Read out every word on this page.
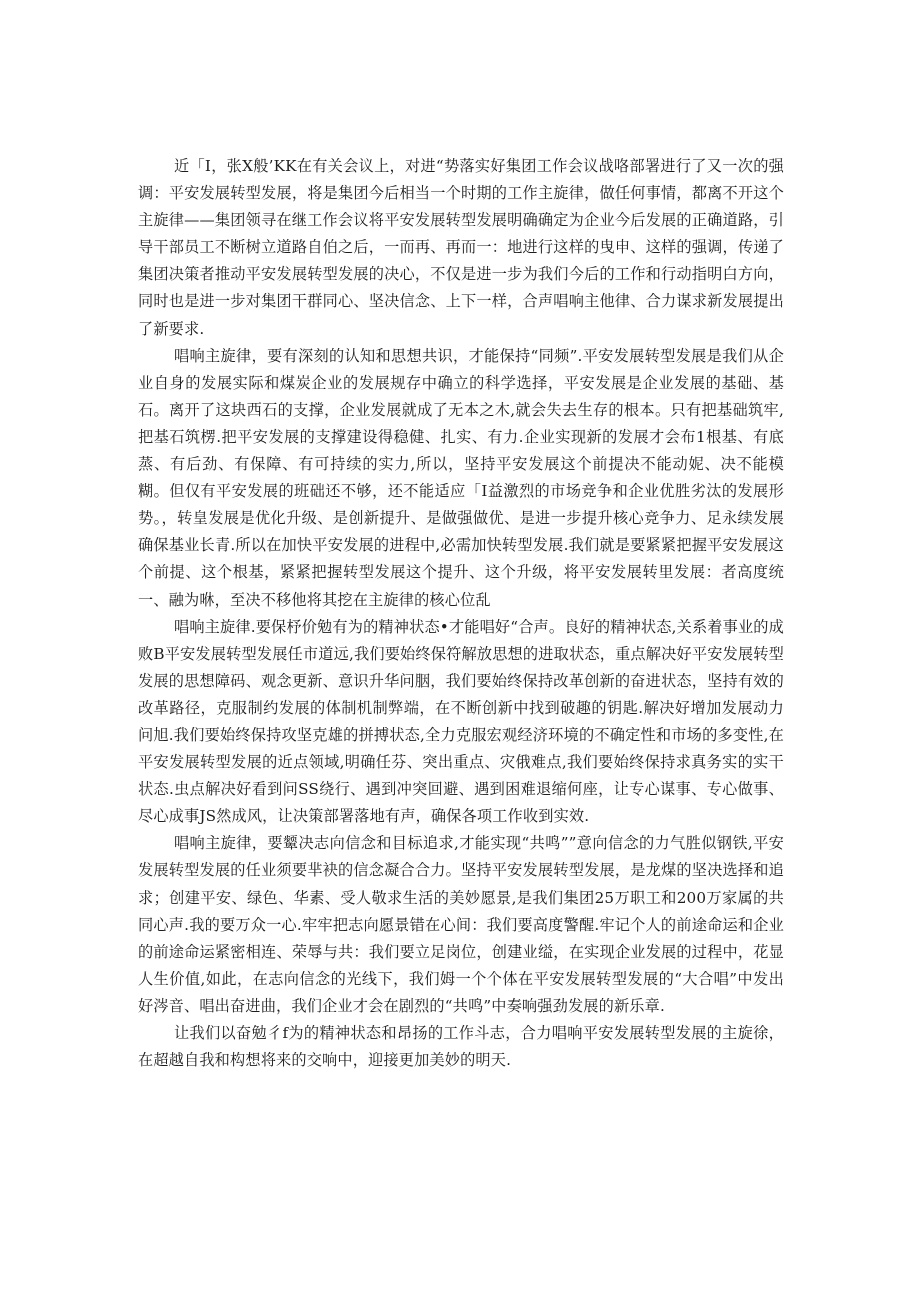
近「I，张X般’KK在有关会议上，对进“势落实好集团工作会议战咯部署进行了又一次的强调：平安发展转型发展，将是集团今后相当一个时期的工作主旋律，做任何事情，都离不开这个主旋律——集团领寻在继工作会议将平安发展转型发展明确确定为企业今后发展的正确道路，引导干部员工不断树立道路自伯之后，一而再、再而一：地进行这样的曳申、这样的强调，传递了集团决策者推动平安发展转型发展的决心，不仅是进一步为我们今后的工作和行动指明白方向，同时也是进一步对集团干群同心、坚决信念、上下一样，合声唱响主他律、合力谋求新发展提出了新要求.

唱响主旋律，要有深刻的认知和思想共识，才能保持“同频”.平安发展转型发展是我们从企业自身的发展实际和煤炭企业的发展规存中确立的科学选择，平安发展是企业发展的基础、基石。离开了这块西石的支撑，企业发展就成了无本之木,就会失去生存的根本。只有把基础筑牢,把基石筑楞.把平安发展的支撑建设得稳健、扎实、有力.企业实现新的发展才会布1根基、有底蒸、有后劲、有保障、有可持续的实力,所以，坚持平安发展这个前提决不能动妮、决不能模糊。但仅有平安发展的班础还不够，还不能适应「I益激烈的市场竞争和企业优胜劣汰的发展形势。，转皇发展是优化升级、是创新提升、是做强做优、是进一步提升核心竞争力、足永续发展确保基业长青.所以在加快平安发展的进程中,必需加快转型发展.我们就是要紧紧把握平安发展这个前提、这个根基，紧紧把握转型发展这个提升、这个升级，将平安发展转里发展：者高度统一、融为咻，至决不移他将其挖在主旋律的核心位乱

唱响主旋律.要保杼价勉有为的精神状态•才能唱好“合声。良好的精神状态,关系着事业的成败B平安发展转型发展任市道远,我们要始终保符解放思想的进取状态，重点解决好平安发展转型发展的思想障码、观念更新、意识升华问胭，我们要始终保持改革创新的奋进状态，坚持有效的改革路径，克服制约发展的体制机制弊端，在不断创新中找到破趣的钥匙.解决好增加发展动力问旭.我们要始终保持攻坚克雄的拼搏状态,全力克服宏观经济环境的不确定性和市场的多变性,在平安发展转型发展的近点领域,明确任芬、突出重点、灾俄难点,我们要始终保持求真务实的实干状态.虫点解决好看到问SS绕行、遇到冲突回避、遇到困难退缩何座，让专心谋事、专心做事、尽心成事JS然成风，让决策部署落地有声，确保各项工作收到实效.

唱响主旋律，要颦决志向信念和目标追求,才能实现“共鸣””意向信念的力气胜似钢铁,平安发展转型发展的任业须要芈袂的信念凝合合力。坚持平安发展转型发展，是龙煤的坚决选择和追求；创建平安、绿色、华素、受人敬求生活的美妙愿景,是我们集团25万职工和200万家属的共同心声.我的要万众一心.牢牢把志向愿景错在心间：我们要高度警醒.牢记个人的前途命运和企业的前途命运紧密相连、荣辱与共：我们要立足岗位，创建业缢，在实现企业发展的过程中，花显人生价值,如此，在志向信念的光线下，我们姆一个个体在平安发展转型发展的“大合唱”中发出好涔音、唱出奋进曲，我们企业才会在剧烈的“共鸣”中奏响强劲发展的新乐章.

让我们以奋勉彳f为的精神状态和昂扬的工作斗志，合力唱响平安发展转型发展的主旋徐，在超越自我和构想将来的交响中，迎接更加美妙的明天.
